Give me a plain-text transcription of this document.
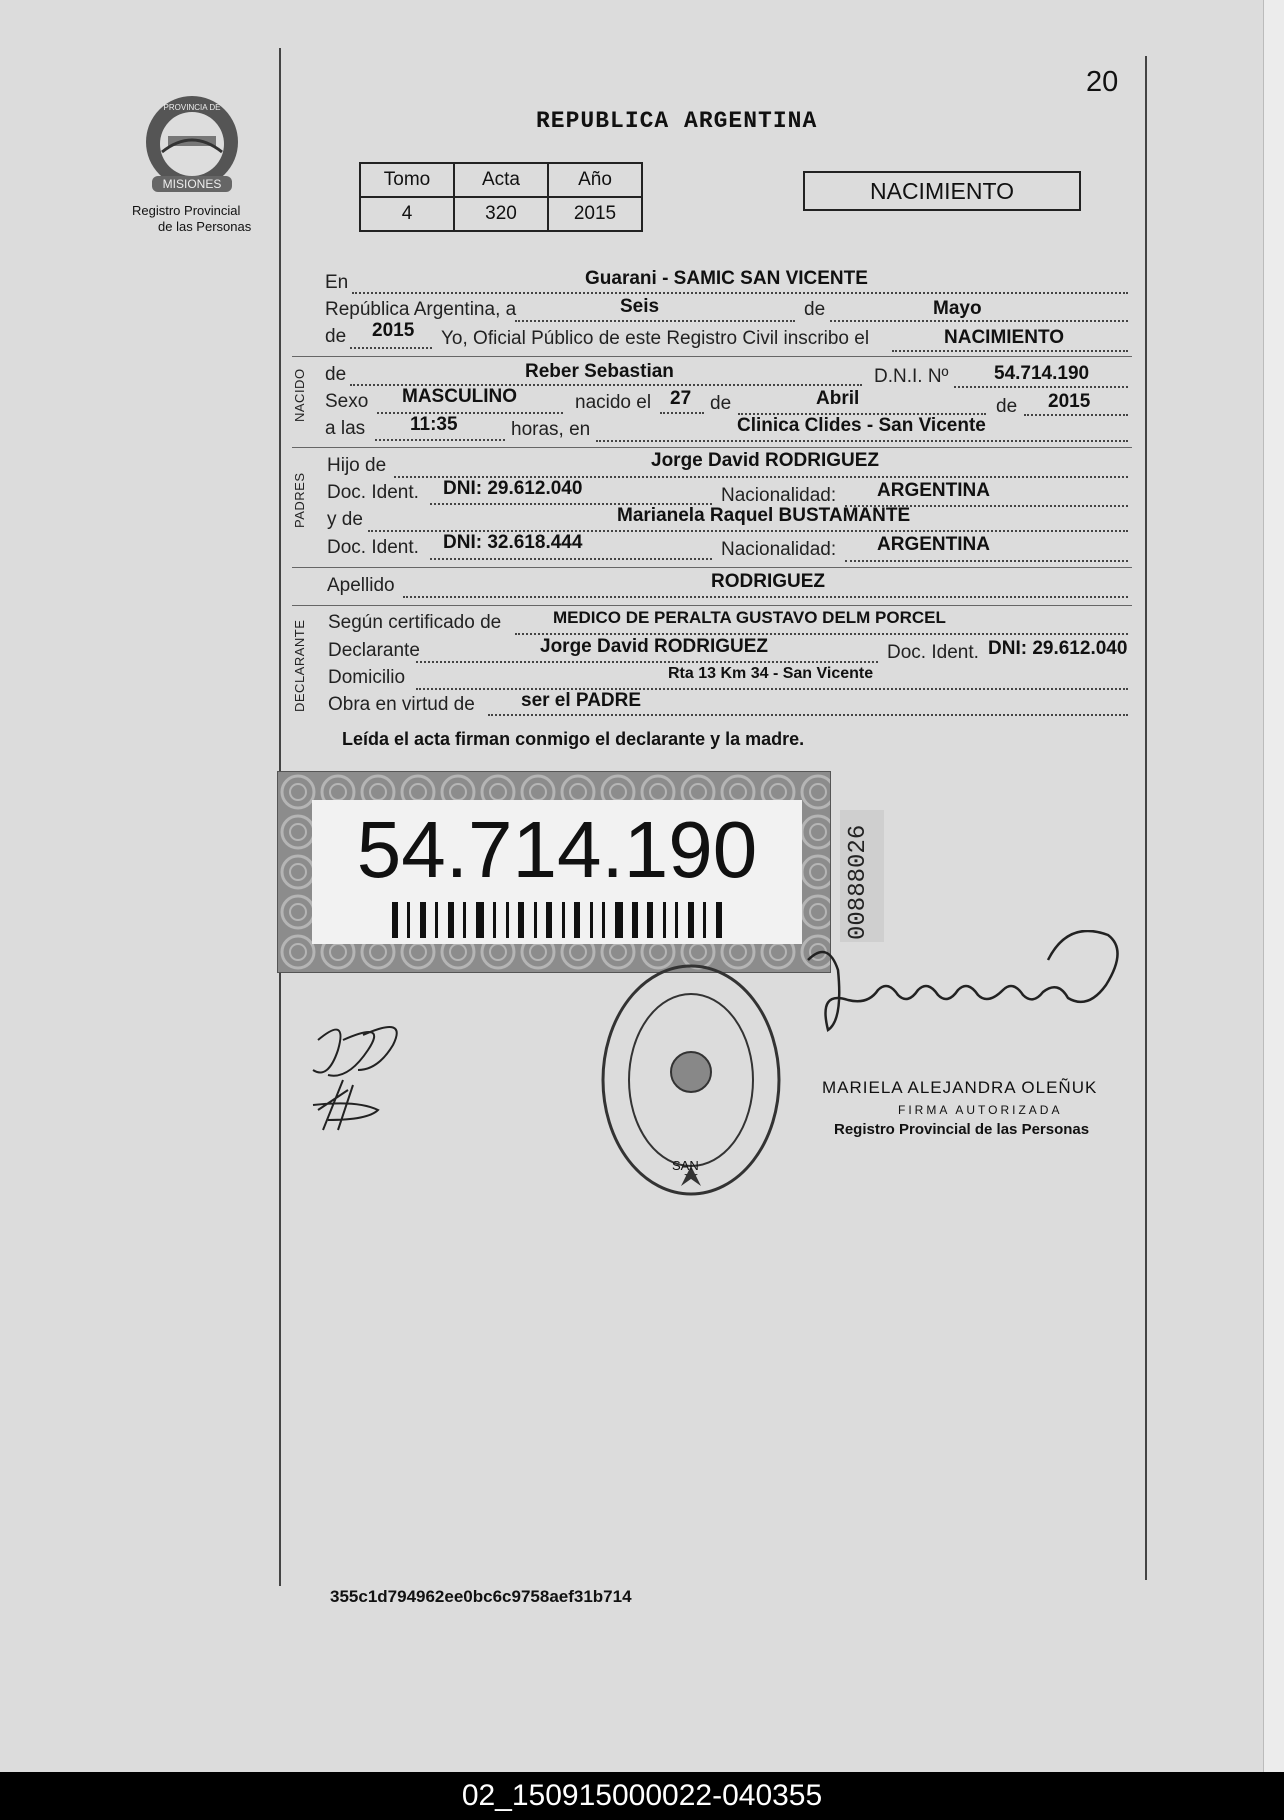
20
MISIONES
PROVINCIA DE
Registro Provincial
de las Personas
REPUBLICA ARGENTINA
Tomo	Acta	Año
4	320	2015
NACIMIENTO
En	Guarani - SAMIC SAN VICENTE
República Argentina, a	Seis	de	Mayo
de 2015 Yo, Oficial Público de este Registro Civil inscribo el	NACIMIENTO
NACIDO de	Reber Sebastian	D.N.I. Nº 54.714.190
Sexo MASCULINO	nacido el 27 de	Abril	de 2015
a las 11:35	horas, en	Clinica Clides - San Vicente
PADRES
Hijo de	Jorge David RODRIGUEZ
Doc. Ident. DNI: 29.612.040	Nacionalidad: ARGENTINA
y de	Marianela Raquel BUSTAMANTE
Doc. Ident. DNI: 32.618.444	Nacionalidad: ARGENTINA
Apellido	RODRIGUEZ
DECLARANTE Según certificado de	MEDICO DE PERALTA GUSTAVO DELM PORCEL
Declarante	Jorge David RODRIGUEZ	Doc. Ident. DNI: 29.612.040
Domicilio	Rta 13 Km 34 - San Vicente
Obra en virtud de ser el PADRE
Leída el acta firman conmigo el declarante y la madre.
54.714.190	00888026
SAN
MARIELA ALEJANDRA OLEÑUK
FIRMA AUTORIZADA
Registro Provincial de las Personas
355c1d794962ee0bc6c9758aef31b714
02_150915000022-040355
